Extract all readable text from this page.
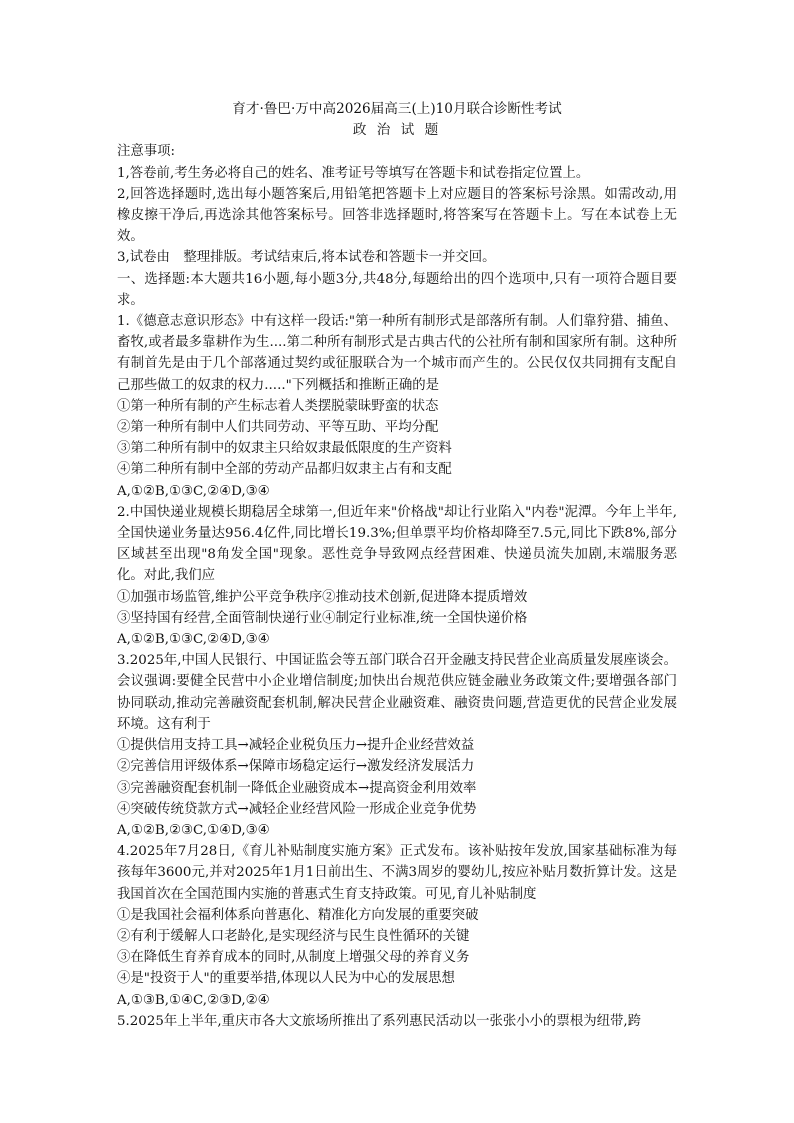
育才·鲁巴·万中高2026届高三(上)10月联合诊断性考试

政 治 试 题

注意事项:

1,答卷前,考生务必将自己的姓名、准考证号等填写在答题卡和试卷指定位置上。

2,回答选择题时,选出每小题答案后,用铅笔把答题卡上对应题目的答案标号涂黑。如需改动,用橡皮擦干净后,再选涂其他答案标号。回答非选择题时,将答案写在答题卡上。写在本试卷上无效。

3,试卷由　整理排版。考试结束后,将本试卷和答题卡一并交回。

一、选择题:本大题共16小题,每小题3分,共48分,每题给出的四个选项中,只有一项符合题目要求。

1.《德意志意识形态》中有这样一段话:"第一种所有制形式是部落所有制。人们靠狩猎、捕鱼、畜牧,或者最多靠耕作为生....第二种所有制形式是古典古代的公社所有制和国家所有制。这种所有制首先是由于几个部落通过契约或征服联合为一个城市而产生的。公民仅仅共同拥有支配自己那些做工的奴隶的权力....."下列概括和推断正确的是

①第一种所有制的产生标志着人类摆脱蒙昧野蛮的状态

②第一种所有制中人们共同劳动、平等互助、平均分配

③第二种所有制中的奴隶主只给奴隶最低限度的生产资料

④第二种所有制中全部的劳动产品都归奴隶主占有和支配

A,①②B,①③C,②④D,③④

2.中国快递业规模长期稳居全球第一,但近年来"价格战"却让行业陷入"内卷"泥潭。今年上半年,全国快递业务量达956.4亿件,同比增长19.3%;但单票平均价格却降至7.5元,同比下跌8%,部分区域甚至出现"8角发全国"现象。恶性竞争导致网点经营困难、快递员流失加剧,末端服务恶化。对此,我们应

①加强市场监管,维护公平竞争秩序②推动技术创新,促进降本提质增效

③坚持国有经营,全面管制快递行业④制定行业标准,统一全国快递价格

A,①②B,①③C,②④D,③④

3.2025年,中国人民银行、中国证监会等五部门联合召开金融支持民营企业高质量发展座谈会。会议强调:要健全民营中小企业增信制度;加快出台规范供应链金融业务政策文件;要增强各部门协同联动,推动完善融资配套机制,解决民营企业融资难、融资贵问题,营造更优的民营企业发展环境。这有利于

①提供信用支持工具→减轻企业税负压力→提升企业经营效益

②完善信用评级体系→保障市场稳定运行→激发经济发展活力

③完善融资配套机制一降低企业融资成本→提高资金利用效率

④突破传统贷款方式→减轻企业经营风险一形成企业竞争优势

A,①②B,②③C,①④D,③④

4.2025年7月28日,《育儿补贴制度实施方案》正式发布。该补贴按年发放,国家基础标准为每孩每年3600元,并对2025年1月1日前出生、不满3周岁的婴幼儿,按应补贴月数折算计发。这是我国首次在全国范围内实施的普惠式生育支持政策。可见,育儿补贴制度

①是我国社会福利体系向普惠化、精准化方向发展的重要突破

②有利于缓解人口老龄化,是实现经济与民生良性循环的关键

③在降低生育养育成本的同时,从制度上增强父母的养育义务

④是"投资于人"的重要举措,体现以人民为中心的发展思想

A,①③B,①④C,②③D,②④

5.2025年上半年,重庆市各大文旅场所推出了系列惠民活动以一张张小小的票根为纽带,跨
